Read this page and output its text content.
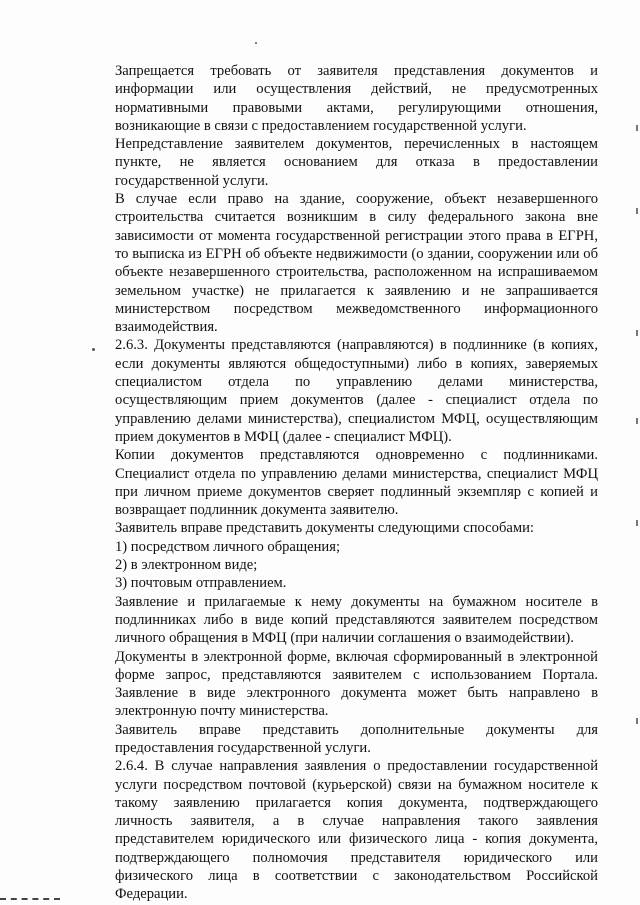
Запрещается требовать от заявителя представления документов и информации или осуществления действий, не предусмотренных нормативными правовыми актами, регулирующими отношения, возникающие в связи с предоставлением государственной услуги.

Непредставление заявителем документов, перечисленных в настоящем пункте, не является основанием для отказа в предоставлении государственной услуги.

В случае если право на здание, сооружение, объект незавершенного строительства считается возникшим в силу федерального закона вне зависимости от момента государственной регистрации этого права в ЕГРН, то выписка из ЕГРН об объекте недвижимости (о здании, сооружении или об объекте незавершенного строительства, расположенном на испрашиваемом земельном участке) не прилагается к заявлению и не запрашивается министерством посредством межведомственного информационного взаимодействия.

2.6.3. Документы представляются (направляются) в подлиннике (в копиях, если документы являются общедоступными) либо в копиях, заверяемых специалистом отдела по управлению делами министерства, осуществляющим прием документов (далее - специалист отдела по управлению делами министерства), специалистом МФЦ, осуществляющим прием документов в МФЦ (далее - специалист МФЦ).

Копии документов представляются одновременно с подлинниками. Специалист отдела по управлению делами министерства, специалист МФЦ при личном приеме документов сверяет подлинный экземпляр с копией и возвращает подлинник документа заявителю.

Заявитель вправе представить документы следующими способами:

1) посредством личного обращения;

2) в электронном виде;

3) почтовым отправлением.

Заявление и прилагаемые к нему документы на бумажном носителе в подлинниках либо в виде копий представляются заявителем посредством личного обращения в МФЦ (при наличии соглашения о взаимодействии).

Документы в электронной форме, включая сформированный в электронной форме запрос, представляются заявителем с использованием Портала. Заявление в виде электронного документа может быть направлено в электронную почту министерства.

Заявитель вправе представить дополнительные документы для предоставления государственной услуги.

2.6.4. В случае направления заявления о предоставлении государственной услуги посредством почтовой (курьерской) связи на бумажном носителе к такому заявлению прилагается копия документа, подтверждающего личность заявителя, а в случае направления такого заявления представителем юридического или физического лица - копия документа, подтверждающего полномочия представителя юридического или физического лица в соответствии с законодательством Российской Федерации.
